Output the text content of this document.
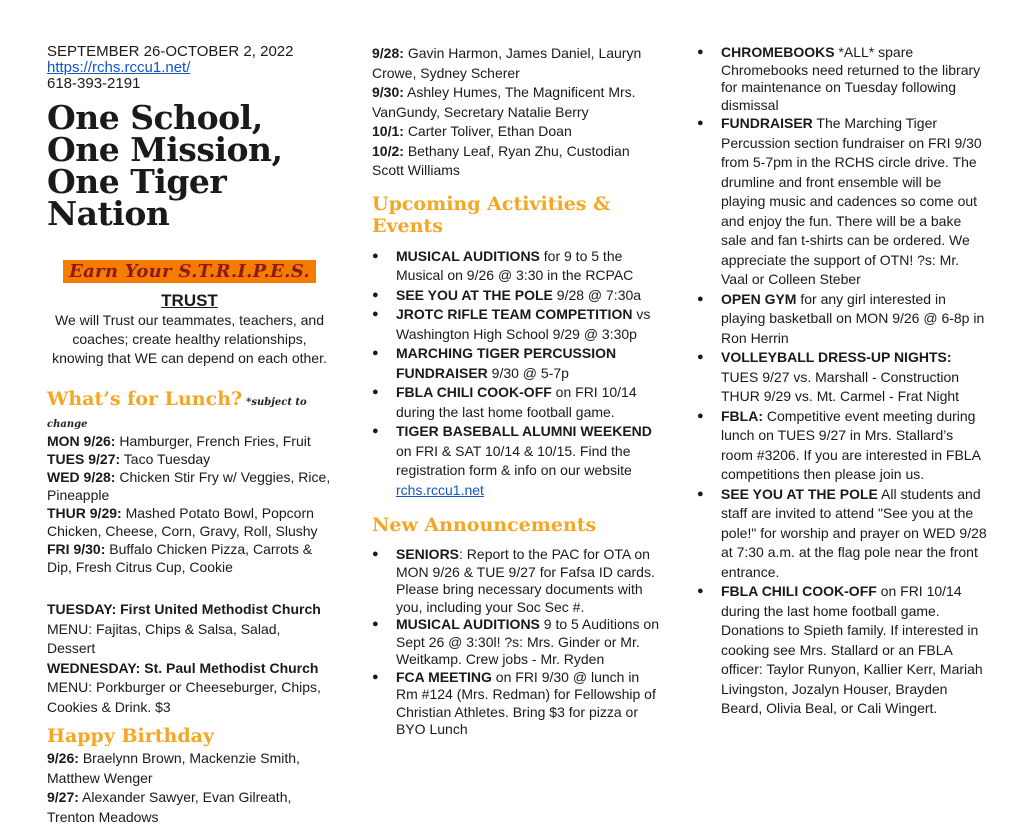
SEPTEMBER 26-OCTOBER 2, 2022
https://rchs.rccu1.net/
618-393-2191
One School,
One Mission,
One Tiger Nation
Earn Your S.T.R.I.P.E.S.
TRUST
We will Trust our teammates, teachers, and coaches; create healthy relationships, knowing that WE can depend on each other.
What’s for Lunch? *subject to change

MON 9/26: Hamburger, French Fries, Fruit

TUES 9/27: Taco Tuesday

WED 9/28: Chicken Stir Fry w/ Veggies, Rice, Pineapple

THUR 9/29: Mashed Potato Bowl, Popcorn Chicken, Cheese, Corn, Gravy, Roll, Slushy

FRI 9/30: Buffalo Chicken Pizza, Carrots & Dip, Fresh Citrus Cup, Cookie

TUESDAY: First United Methodist Church

MENU: Fajitas, Chips & Salsa, Salad, Dessert

WEDNESDAY: St. Paul Methodist Church

MENU: Porkburger or Cheeseburger, Chips, Cookies & Drink. $3

Happy Birthday

9/26: Braelynn Brown, Mackenzie Smith, Matthew Wenger

9/27: Alexander Sawyer, Evan Gilreath, Trenton Meadows

9/28: Gavin Harmon, James Daniel, Lauryn Crowe, Sydney Scherer

9/30: Ashley Humes, The Magnificent Mrs. VanGundy, Secretary Natalie Berry

10/1: Carter Toliver, Ethan Doan

10/2: Bethany Leaf, Ryan Zhu, Custodian Scott Williams

Upcoming Activities & Events
● MUSICAL AUDITIONS for 9 to 5 the Musical on 9/26 @ 3:30 in the RCPAC
● SEE YOU AT THE POLE 9/28 @ 7:30a
● JROTC RIFLE TEAM COMPETITION vs Washington High School 9/29 @ 3:30p
● MARCHING TIGER PERCUSSION FUNDRAISER 9/30 @ 5-7p
● FBLA CHILI COOK-OFF on FRI 10/14 during the last home football game.
● TIGER BASEBALL ALUMNI WEEKEND on FRI & SAT 10/14 & 10/15. Find the registration form & info on our website rchs.rccu1.net
New Announcements
● SENIORS: Report to the PAC for OTA on MON 9/26 & TUE 9/27 for Fafsa ID cards. Please bring necessary documents with you, including your Soc Sec #.
● MUSICAL AUDITIONS 9 to 5 Auditions on Sept 26 @ 3:30l! ?s: Mrs. Ginder or Mr. Weitkamp. Crew jobs - Mr. Ryden
● FCA MEETING on FRI 9/30 @ lunch in Rm #124 (Mrs. Redman) for Fellowship of Christian Athletes. Bring $3 for pizza or BYO Lunch
● CHROMEBOOKS *ALL* spare Chromebooks need returned to the library for maintenance on Tuesday following dismissal
● FUNDRAISER The Marching Tiger Percussion section fundraiser on FRI 9/30 from 5-7pm in the RCHS circle drive. The drumline and front ensemble will be playing music and cadences so come out and enjoy the fun. There will be a bake sale and fan t-shirts can be ordered. We appreciate the support of OTN! ?s: Mr. Vaal or Colleen Steber
● OPEN GYM for any girl interested in playing basketball on MON 9/26 @ 6-8p in Ron Herrin
● VOLLEYBALL DRESS-UP NIGHTS:
TUES 9/27 vs. Marshall - Construction
THUR 9/29 vs. Mt. Carmel - Frat Night
● FBLA: Competitive event meeting during lunch on TUES 9/27 in Mrs. Stallard’s room #3206. If you are interested in FBLA competitions then please join us.
● SEE YOU AT THE POLE All students and staff are invited to attend "See you at the pole!" for worship and prayer on WED 9/28 at 7:30 a.m. at the flag pole near the front entrance.
● FBLA CHILI COOK-OFF on FRI 10/14 during the last home football game. Donations to Spieth family. If interested in cooking see Mrs. Stallard or an FBLA officer: Taylor Runyon, Kallier Kerr, Mariah Livingston, Jozalyn Houser, Brayden Beard, Olivia Beal, or Cali Wingert.
